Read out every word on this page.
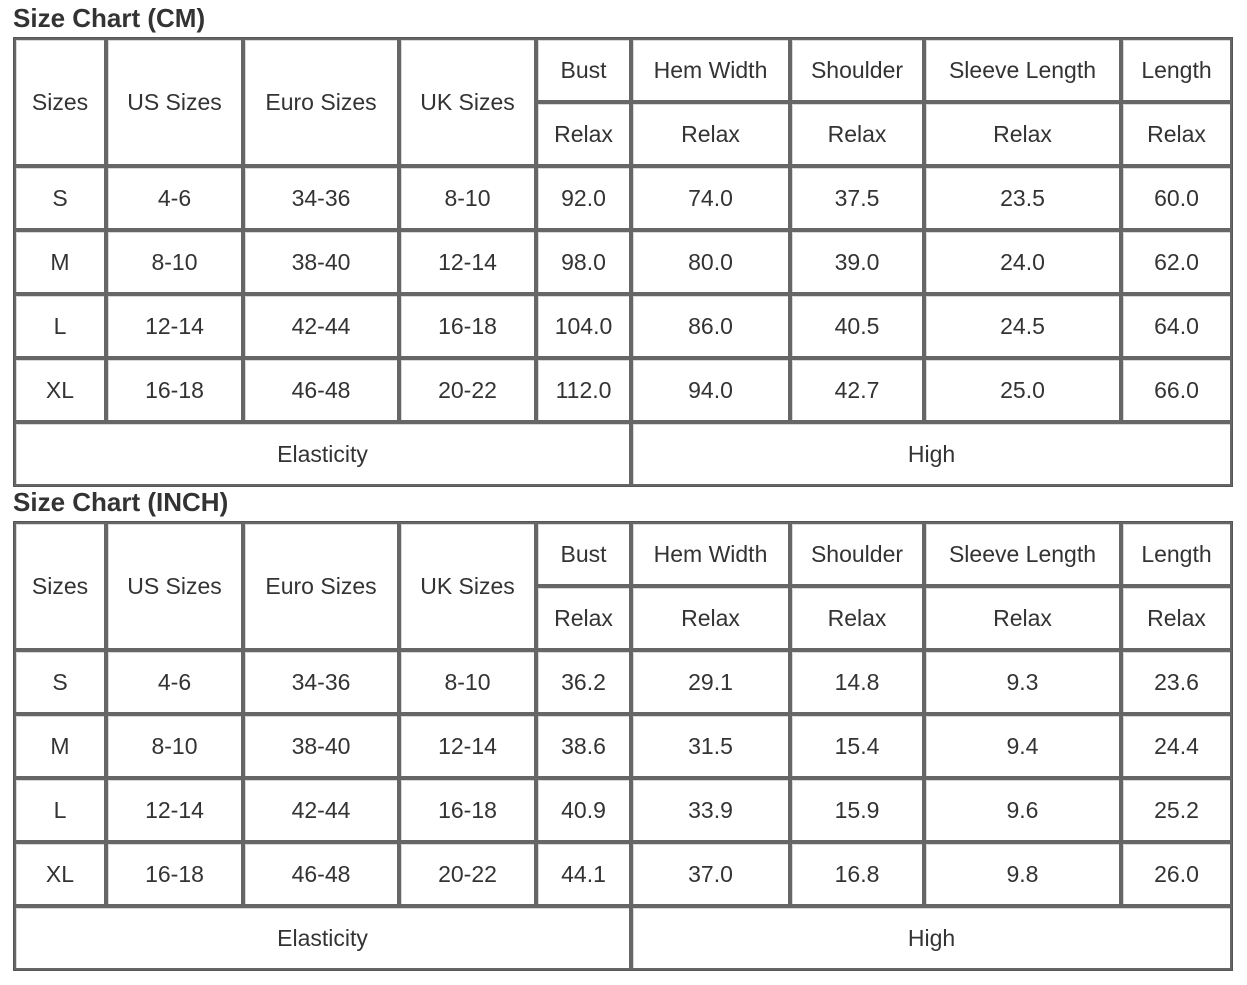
Size Chart (CM)
Sizes	US Sizes	Euro Sizes	UK Sizes	Bust	Hem Width	Shoulder	Sleeve Length	Length
				Relax	Relax	Relax	Relax	Relax
S	4-6	34-36	8-10	92.0	74.0	37.5	23.5	60.0
M	8-10	38-40	12-14	98.0	80.0	39.0	24.0	62.0
L	12-14	42-44	16-18	104.0	86.0	40.5	24.5	64.0
XL	16-18	46-48	20-22	112.0	94.0	42.7	25.0	66.0
Elasticity					High			
Size Chart (INCH)
Sizes	US Sizes	Euro Sizes	UK Sizes	Bust	Hem Width	Shoulder	Sleeve Length	Length
				Relax	Relax	Relax	Relax	Relax
S	4-6	34-36	8-10	36.2	29.1	14.8	9.3	23.6
M	8-10	38-40	12-14	38.6	31.5	15.4	9.4	24.4
L	12-14	42-44	16-18	40.9	33.9	15.9	9.6	25.2
XL	16-18	46-48	20-22	44.1	37.0	16.8	9.8	26.0
Elasticity					High			
